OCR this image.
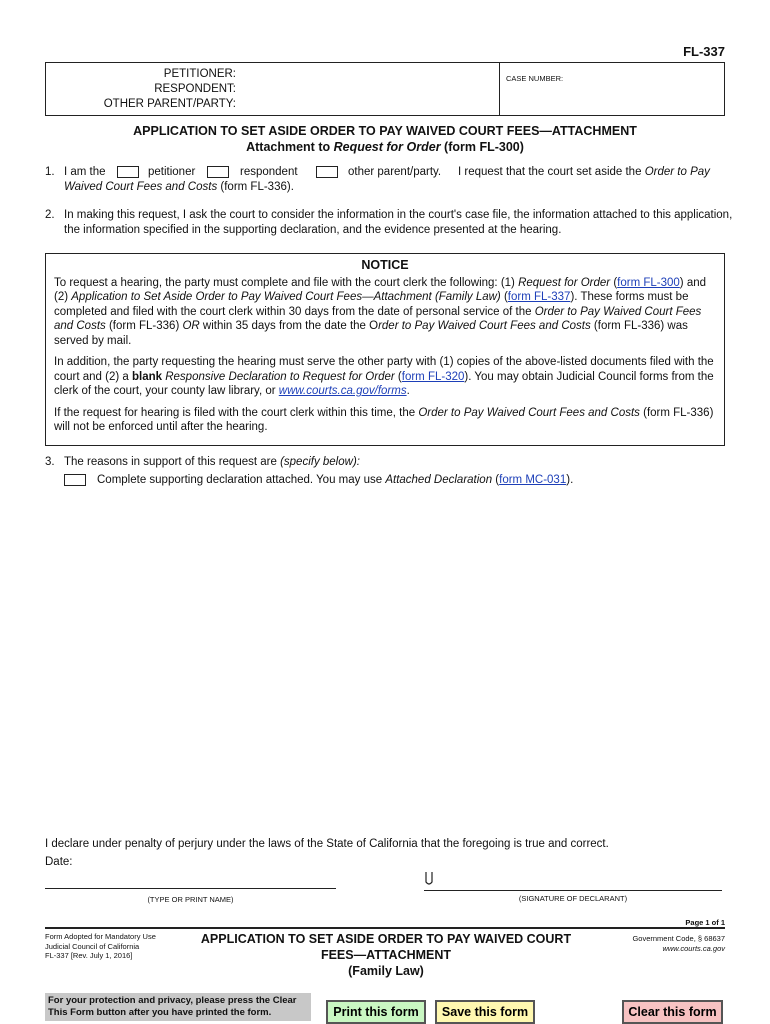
FL-337
PETITIONER:
RESPONDENT:
OTHER PARENT/PARTY:
CASE NUMBER:
APPLICATION TO SET ASIDE ORDER TO PAY WAIVED COURT FEES—ATTACHMENT
Attachment to Request for Order (form FL-300)
1. I am the	petitioner	respondent	other parent/party. I request that the court set aside the Order to Pay
Waived Court Fees and Costs (form FL-336).
2. In making this request, I ask the court to consider the information in the court's case file, the information attached to this application,
the information specified in the supporting declaration, and the evidence presented at the hearing.
NOTICE

To request a hearing, the party must complete and file with the court clerk the following: (1) Request for Order (form FL-300) and (2) Application to Set Aside Order to Pay Waived Court Fees—Attachment (Family Law) (form FL-337). These forms must be completed and filed with the court clerk within 30 days from the date of personal service of the Order to Pay Waived Court Fees and Costs (form FL-336) OR within 35 days from the date the Order to Pay Waived Court Fees and Costs (form FL-336) was served by mail.

In addition, the party requesting the hearing must serve the other party with (1) copies of the above-listed documents filed with the court and (2) a blank Responsive Declaration to Request for Order (form FL-320). You may obtain Judicial Council forms from the clerk of the court, your county law library, or www.courts.ca.gov/forms.

If the request for hearing is filed with the court clerk within this time, the Order to Pay Waived Court Fees and Costs (form FL-336) will not be enforced until after the hearing.

3. The reasons in support of this request are (specify below):
Complete supporting declaration attached. You may use Attached Declaration (form MC-031).
I declare under penalty of perjury under the laws of the State of California that the foregoing is true and correct.
Date:
(TYPE OR PRINT NAME)	(SIGNATURE OF DECLARANT)
Page 1 of 1
Form Adopted for Mandatory Use
Judicial Council of California
FL-337 [Rev. July 1, 2016]
APPLICATION TO SET ASIDE ORDER TO PAY WAIVED COURT
FEES—ATTACHMENT
(Family Law)
Government Code, § 68637
www.courts.ca.gov
For your protection and privacy, please press the Clear This Form button after you have printed the form.	Print this form	Save this form	Clear this form
